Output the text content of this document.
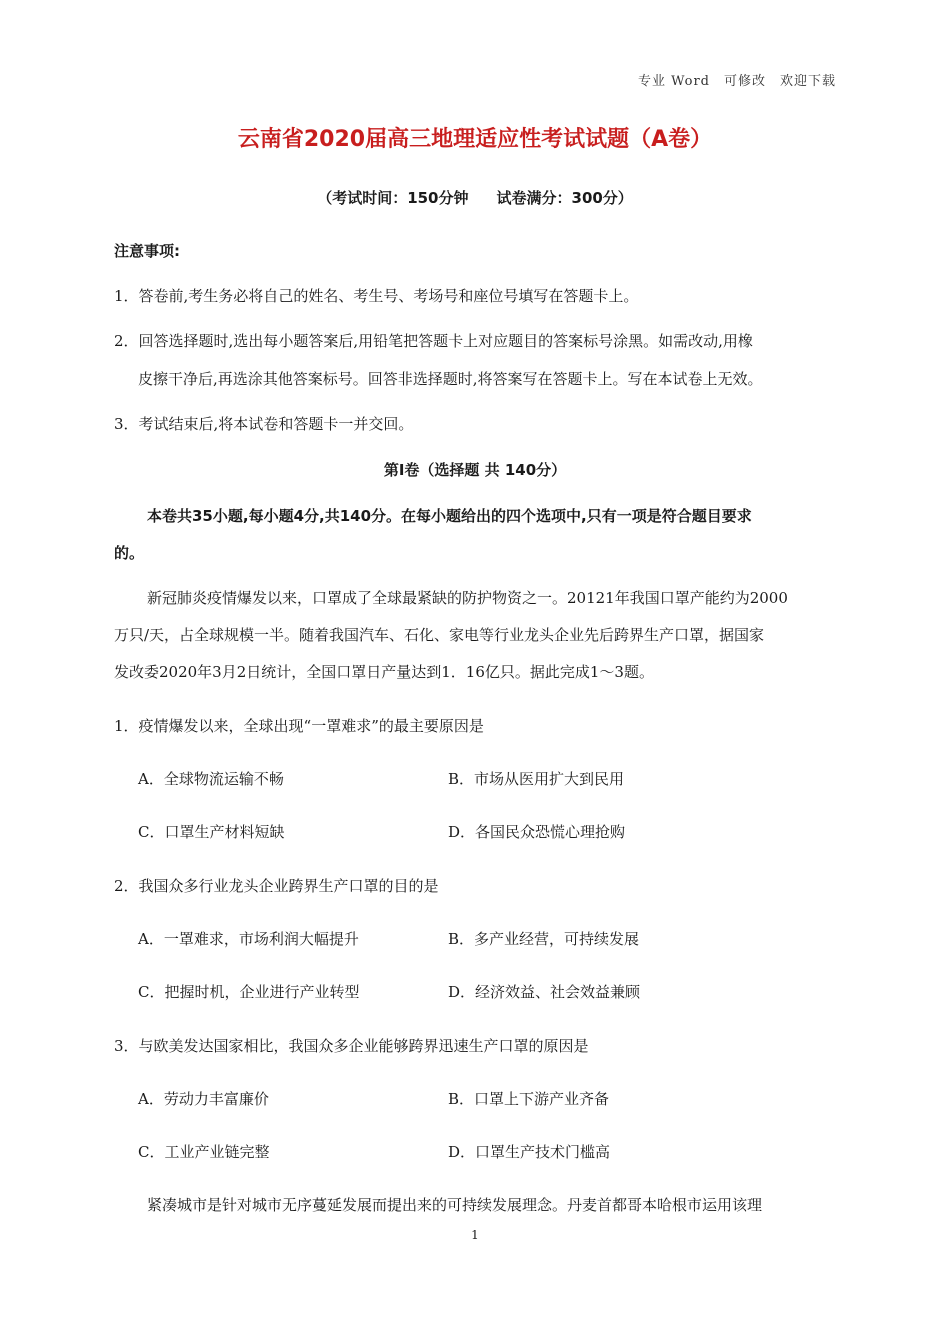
专业 Word　可修改　欢迎下载
云南省2020届高三地理适应性考试试题（A卷）
（考试时间：150分钟 试卷满分：300分）
注意事项:
1．答卷前,考生务必将自己的姓名、考生号、考场号和座位号填写在答题卡上。
2．回答选择题时,选出每小题答案后,用铅笔把答题卡上对应题目的答案标号涂黑。如需改动,用橡
皮擦干净后,再选涂其他答案标号。回答非选择题时,将答案写在答题卡上。写在本试卷上无效。
3．考试结束后,将本试卷和答题卡一并交回。
第Ⅰ卷（选择题 共 140分）
本卷共35小题,每小题4分,共140分。在每小题给出的四个选项中,只有一项是符合题目要求
的。
新冠肺炎疫情爆发以来，口罩成了全球最紧缺的防护物资之一。20121年我国口罩产能约为2000
万只/天，占全球规模一半。随着我国汽车、石化、家电等行业龙头企业先后跨界生产口罩，据国家
发改委2020年3月2日统计，全国口罩日产量达到1．16亿只。据此完成1～3题。
1．疫情爆发以来，全球出现“一罩难求”的最主要原因是
A．全球物流运输不畅	B．市场从医用扩大到民用
C．口罩生产材料短缺	D．各国民众恐慌心理抢购
2．我国众多行业龙头企业跨界生产口罩的目的是
A．一罩难求，市场利润大幅提升	B．多产业经营，可持续发展
C．把握时机，企业进行产业转型	D．经济效益、社会效益兼顾
3．与欧美发达国家相比，我国众多企业能够跨界迅速生产口罩的原因是
A．劳动力丰富廉价	B．口罩上下游产业齐备
C．工业产业链完整	D．口罩生产技术门槛高
紧凑城市是针对城市无序蔓延发展而提出来的可持续发展理念。丹麦首都哥本哈根市运用该理
1
